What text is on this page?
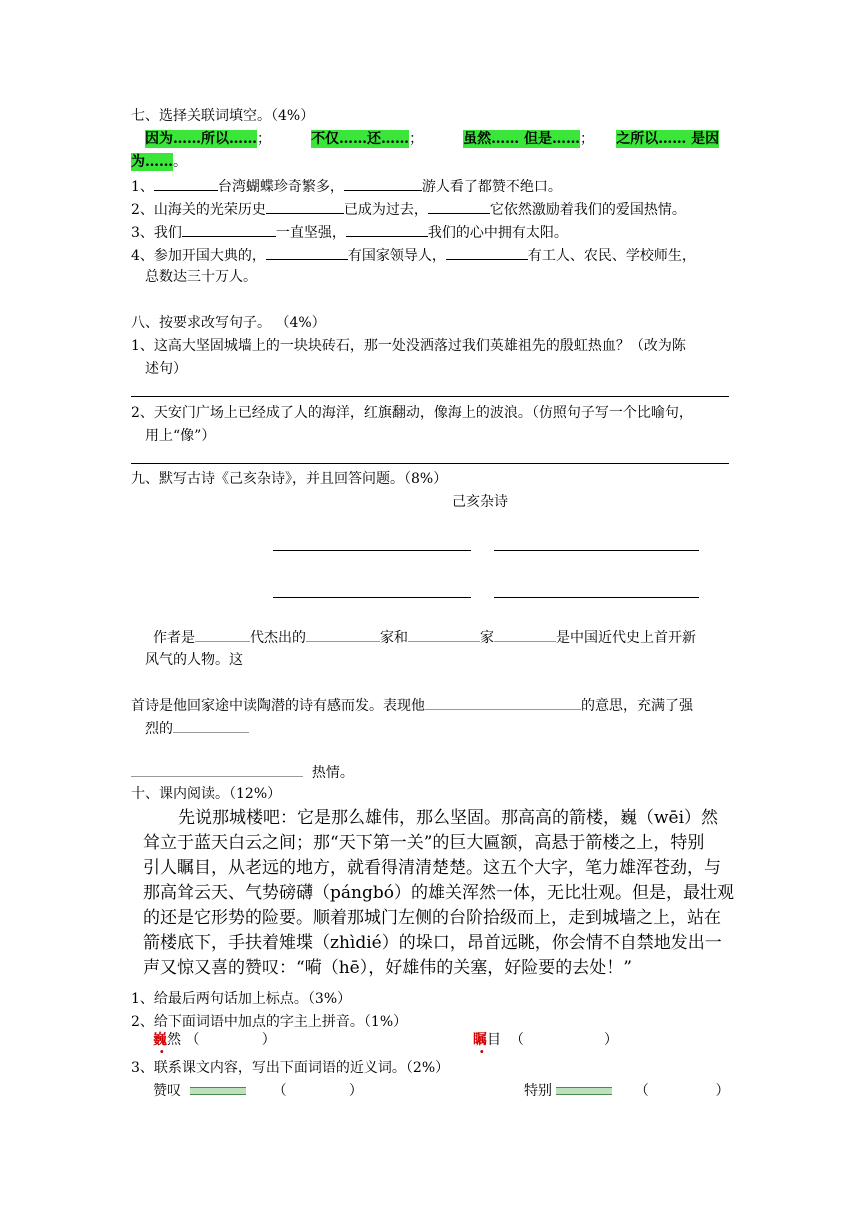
七、选择关联词填空。（4%）
因为……所以……；	不仅……还……；	虽然…… 但是……； 之所以…… 是因
为……。
1、	台湾蝴蝶珍奇繁多，	游人看了都赞不绝口。
2、山海关的光荣历史	已成为过去，	它依然激励着我们的爱国热情。
3、我们	一直坚强，	我们的心中拥有太阳。
4、参加开国大典的，	有国家领导人，	有工人、农民、学校师生，
总数达三十万人。
八、按要求改写句子。 （4%）
1、这高大坚固城墙上的一块块砖石，那一处没洒落过我们英雄祖先的殷虹热血？（改为陈
述句）
2、天安门广场上已经成了人的海洋，红旗翻动，像海上的波浪。（仿照句子写一个比喻句，
用上“像”）
九、默写古诗《己亥杂诗》，并且回答问题。（8%）
己亥杂诗
作者是	代杰出的	家和	家	是中国近代史上首开新
风气的人物。这
首诗是他回家途中读陶潜的诗有感而发。表现他	的意思，充满了强
烈的
热情。
十、课内阅读。（12%）
先说那城楼吧：它是那么雄伟，那么坚固。那高高的箭楼，巍（wēi）然
耸立于蓝天白云之间；那“天下第一关”的巨大匾额，高悬于箭楼之上，特别
引人瞩目，从老远的地方，就看得清清楚楚。这五个大字，笔力雄浑苍劲，与
那高耸云天、气势磅礴（pángbó）的雄关浑然一体，无比壮观。但是，最壮观
的还是它形势的险要。顺着那城门左侧的台阶拾级而上，走到城墙之上，站在
箭楼底下，手扶着雉堞（zhìdié）的垛口，昂首远眺，你会情不自禁地发出一
声又惊又喜的赞叹：“嗬（hē），好雄伟的关塞，好险要的去处！”
1、给最后两句话加上标点。（3%）
2、给下面词语中加点的字主上拼音。（1%）
巍然 （	）	瞩目 （	）
3、联系课文内容，写出下面词语的近义词。（2%）
赞叹	（	）	特别	（	）
